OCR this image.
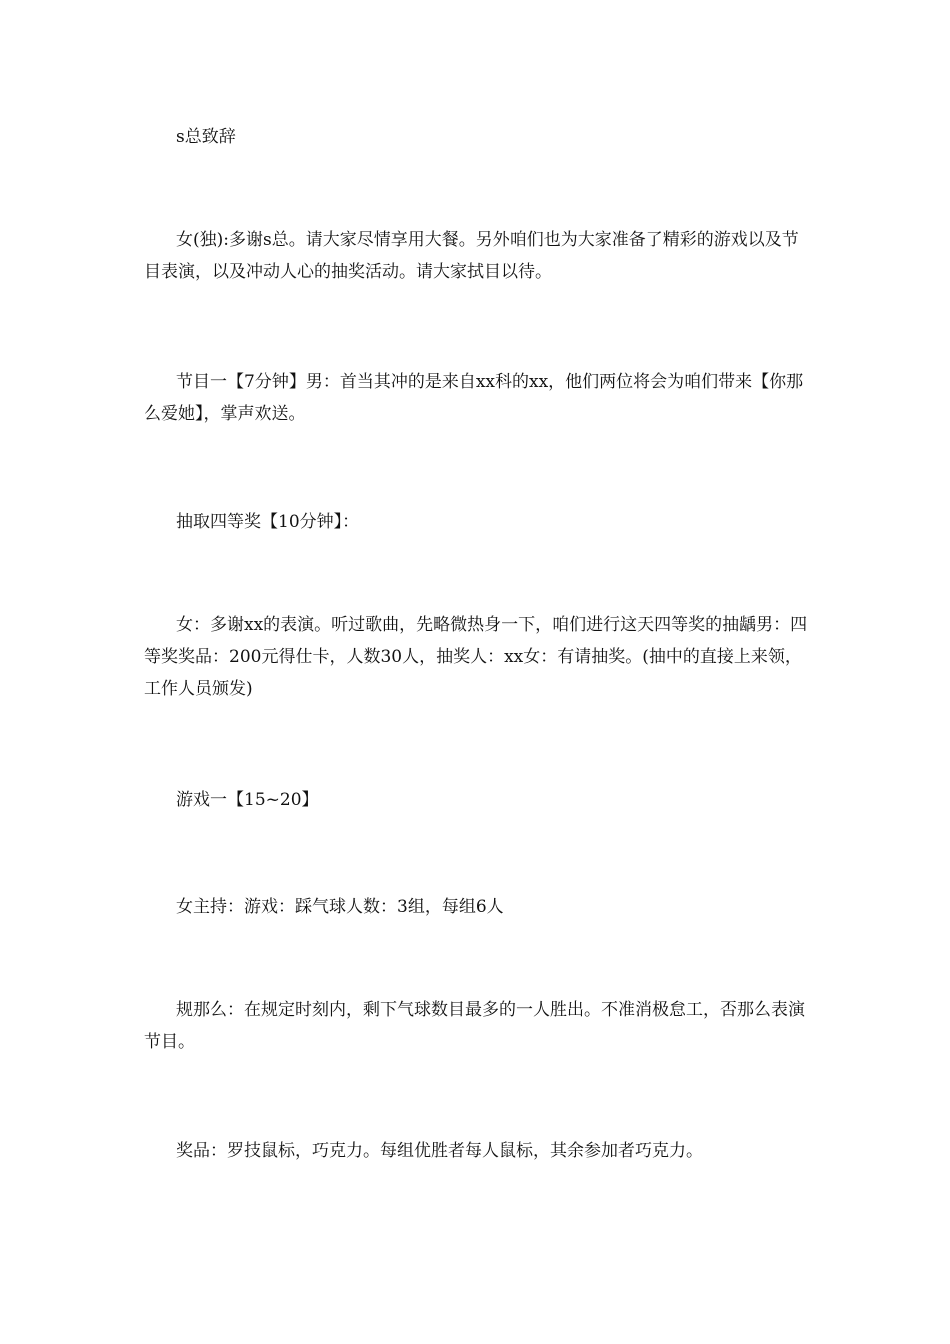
s总致辞

女(独):多谢s总。请大家尽情享用大餐。另外咱们也为大家准备了精彩的游戏以及节目表演，以及冲动人心的抽奖活动。请大家拭目以待。

节目一【7分钟】男：首当其冲的是来自xx科的xx，他们两位将会为咱们带来【你那么爱她】，掌声欢送。

抽取四等奖【10分钟】：

女：多谢xx的表演。听过歌曲，先略微热身一下，咱们进行这天四等奖的抽龋男：四等奖奖品：200元得仕卡，人数30人，抽奖人：xx女：有请抽奖。(抽中的直接上来领，工作人员颁发)

游戏一【15~20】

女主持：游戏：踩气球人数：3组，每组6人

规那么：在规定时刻内，剩下气球数目最多的一人胜出。不准消极怠工，否那么表演节目。

奖品：罗技鼠标，巧克力。每组优胜者每人鼠标，其余参加者巧克力。
